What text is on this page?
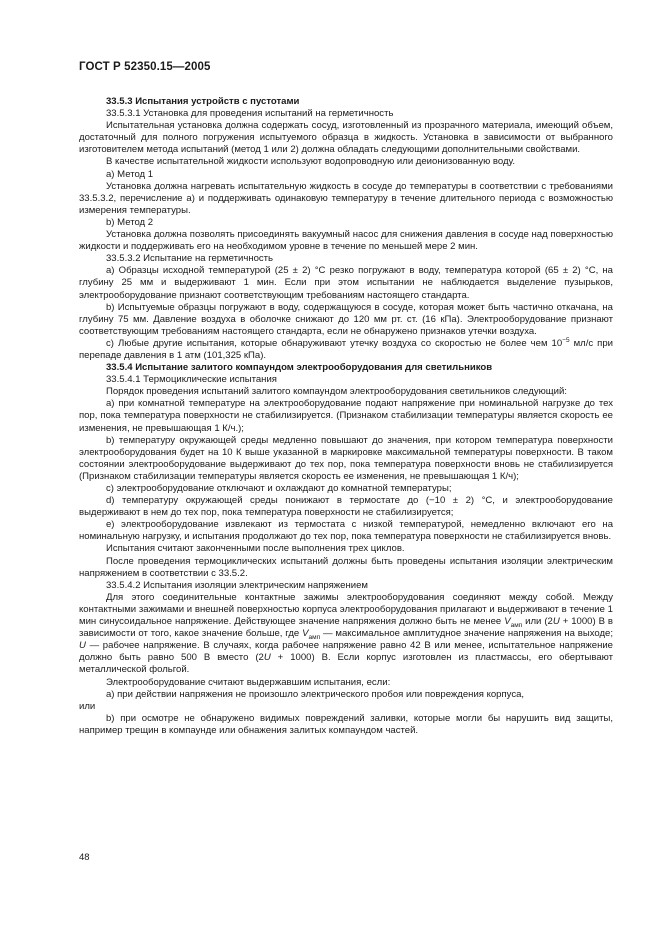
ГОСТ Р 52350.15—2005

33.5.3 Испытания устройств с пустотами

33.5.3.1 Установка для проведения испытаний на герметичность

Испытательная установка должна содержать сосуд, изготовленный из прозрачного материала, имеющий объем, достаточный для полного погружения испытуемого образца в жидкость. Установка в зависимости от выбранного изготовителем метода испытаний (метод 1 или 2) должна обладать следующими дополнительными свойствами.

В качестве испытательной жидкости используют водопроводную или деионизованную воду.

а) Метод 1

Установка должна нагревать испытательную жидкость в сосуде до температуры в соответствии с требованиями 33.5.3.2, перечисление а) и поддерживать одинаковую температуру в течение длительного периода с возможностью измерения температуры.

b) Метод 2

Установка должна позволять присоединять вакуумный насос для снижения давления в сосуде над поверхностью жидкости и поддерживать его на необходимом уровне в течение по меньшей мере 2 мин.

33.5.3.2 Испытание на герметичность

а) Образцы исходной температурой (25 ± 2) °С резко погружают в воду, температура которой (65 ± 2) °С, на глубину 25 мм и выдерживают 1 мин. Если при этом испытании не наблюдается выделение пузырьков, электрооборудование признают соответствующим требованиям настоящего стандарта.

b) Испытуемые образцы погружают в воду, содержащуюся в сосуде, которая может быть частично откачана, на глубину 75 мм. Давление воздуха в оболочке снижают до 120 мм рт. ст. (16 кПа). Электрооборудование признают соответствующим требованиям настоящего стандарта, если не обнаружено признаков утечки воздуха.

с) Любые другие испытания, которые обнаруживают утечку воздуха со скоростью не более чем $10^{-5}$ мл/с при перепаде давления в 1 атм (101,325 кПа).

33.5.4 Испытание залитого компаундом электрооборудования для светильников

33.5.4.1 Термоциклические испытания

Порядок проведения испытаний залитого компаундом электрооборудования светильников следующий:

а) при комнатной температуре на электрооборудование подают напряжение при номинальной нагрузке до тех пор, пока температура поверхности не стабилизируется. (Признаком стабилизации температуры является скорость ее изменения, не превышающая 1 К/ч.);

b) температуру окружающей среды медленно повышают до значения, при котором температура поверхности электрооборудования будет на 10 К выше указанной в маркировке максимальной температуры поверхности. В таком состоянии электрооборудование выдерживают до тех пор, пока температура поверхности вновь не стабилизируется (Признаком стабилизации температуры является скорость ее изменения, не превышающая 1 К/ч);

с) электрооборудование отключают и охлаждают до комнатной температуры;

d) температуру окружающей среды понижают в термостате до (−10 ± 2) °С, и электрооборудование выдерживают в нем до тех пор, пока температура поверхности не стабилизируется;

е) электрооборудование извлекают из термостата с низкой температурой, немедленно включают его на номинальную нагрузку, и испытания продолжают до тех пор, пока температура поверхности не стабилизируется вновь.

Испытания считают законченными после выполнения трех циклов.

После проведения термоциклических испытаний должны быть проведены испытания изоляции электрическим напряжением в соответствии с 33.5.2.

33.5.4.2 Испытания изоляции электрическим напряжением

Для этого соединительные контактные зажимы электрооборудования соединяют между собой. Между контактными зажимами и внешней поверхностью корпуса электрооборудования прилагают и выдерживают в течение 1 мин синусоидальное напряжение. Действующее значение напряжения должно быть не менее $V_{амп}$ или (2U + 1000) В в зависимости от того, какое значение больше, где $V_{амп}$ — максимальное амплитудное значение напряжения на выходе; U — рабочее напряжение. В случаях, когда рабочее напряжение равно 42 В или менее, испытательное напряжение должно быть равно 500 В вместо (2U + 1000) В. Если корпус изготовлен из пластмассы, его обертывают металлической фольгой.

Электрооборудование считают выдержавшим испытания, если:

а) при действии напряжения не произошло электрического пробоя или повреждения корпуса,

или

b) при осмотре не обнаружено видимых повреждений заливки, которые могли бы нарушить вид защиты, например трещин в компаунде или обнажения залитых компаундом частей.

48
